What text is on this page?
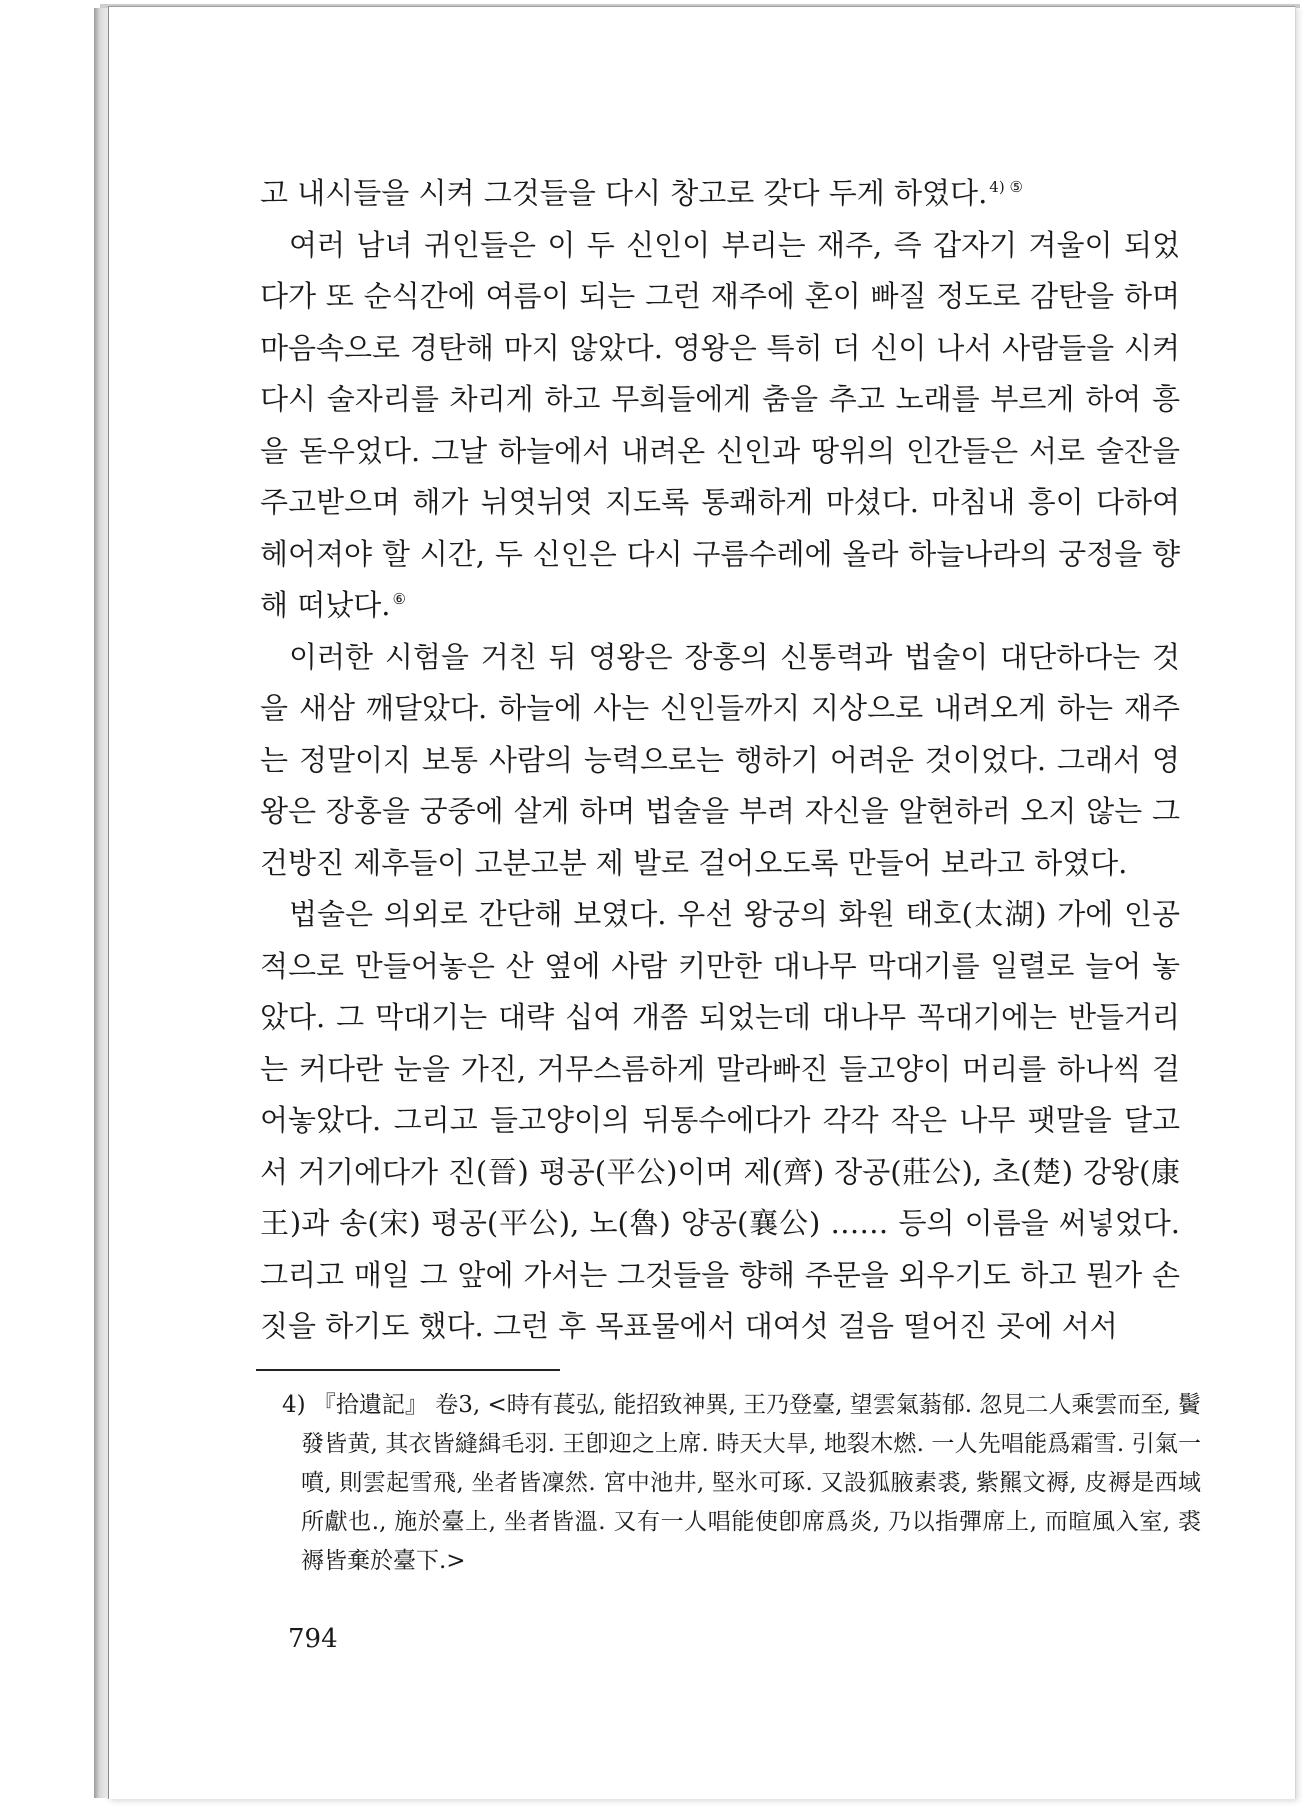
고 내시들을 시켜 그것들을 다시 창고로 갖다 두게 하였다. $^{4) ⑤}$

여러 남녀 귀인들은 이 두 신인이 부리는 재주, 즉 갑자기 겨울이 되었다가 또 순식간에 여름이 되는 그런 재주에 혼이 빠질 정도로 감탄을 하며 마음속으로 경탄해 마지 않았다. 영왕은 특히 더 신이 나서 사람들을 시켜 다시 술자리를 차리게 하고 무희들에게 춤을 추고 노래를 부르게 하여 흥을 돋우었다. 그날 하늘에서 내려온 신인과 땅위의 인간들은 서로 술잔을 주고받으며 해가 뉘엿뉘엿 지도록 통쾌하게 마셨다. 마침내 흥이 다하여 헤어져야 할 시간, 두 신인은 다시 구름수레에 올라 하늘나라의 궁정을 향해 떠났다. ⑥

이러한 시험을 거친 뒤 영왕은 장홍의 신통력과 법술이 대단하다는 것을 새삼 깨달았다. 하늘에 사는 신인들까지 지상으로 내려오게 하는 재주는 정말이지 보통 사람의 능력으로는 행하기 어려운 것이었다. 그래서 영왕은 장홍을 궁중에 살게 하며 법술을 부려 자신을 알현하러 오지 않는 그 건방진 제후들이 고분고분 제 발로 걸어오도록 만들어 보라고 하였다.

법술은 의외로 간단해 보였다. 우선 왕궁의 화원 태호(太湖) 가에 인공적으로 만들어놓은 산 옆에 사람 키만한 대나무 막대기를 일렬로 늘어 놓았다. 그 막대기는 대략 십여 개쯤 되었는데 대나무 꼭대기에는 반들거리는 커다란 눈을 가진, 거무스름하게 말라빠진 들고양이 머리를 하나씩 걸어놓았다. 그리고 들고양이의 뒤통수에다가 각각 작은 나무 팻말을 달고서 거기에다가 진(晉) 평공(平公)이며 제(齊) 장공(莊公), 초(楚) 강왕(康王)과 송(宋) 평공(平公), 노(魯) 양공(襄公) …… 등의 이름을 써넣었다. 그리고 매일 그 앞에 가서는 그것들을 향해 주문을 외우기도 하고 뭔가 손짓을 하기도 했다. 그런 후 목표물에서 대여섯 걸음 떨어진 곳에 서서

4) 『拾遺記』 卷3, <時有萇弘, 能招致神異, 王乃登臺, 望雲氣蓊郁. 忽見二人乘雲而至, 鬢發皆黄, 其衣皆縫緝毛羽. 王卽迎之上席. 時天大旱, 地裂木燃. 一人先唱能爲霜雪. 引氣一噴, 則雲起雪飛, 坐者皆凜然. 宮中池井, 堅氷可琢. 又設狐腋素裘, 紫羆文褥, 皮褥是西域所獻也., 施於臺上, 坐者皆溫. 又有一人唱能使卽席爲炎, 乃以指彈席上, 而暄風入室, 裘褥皆棄於臺下.>
794
